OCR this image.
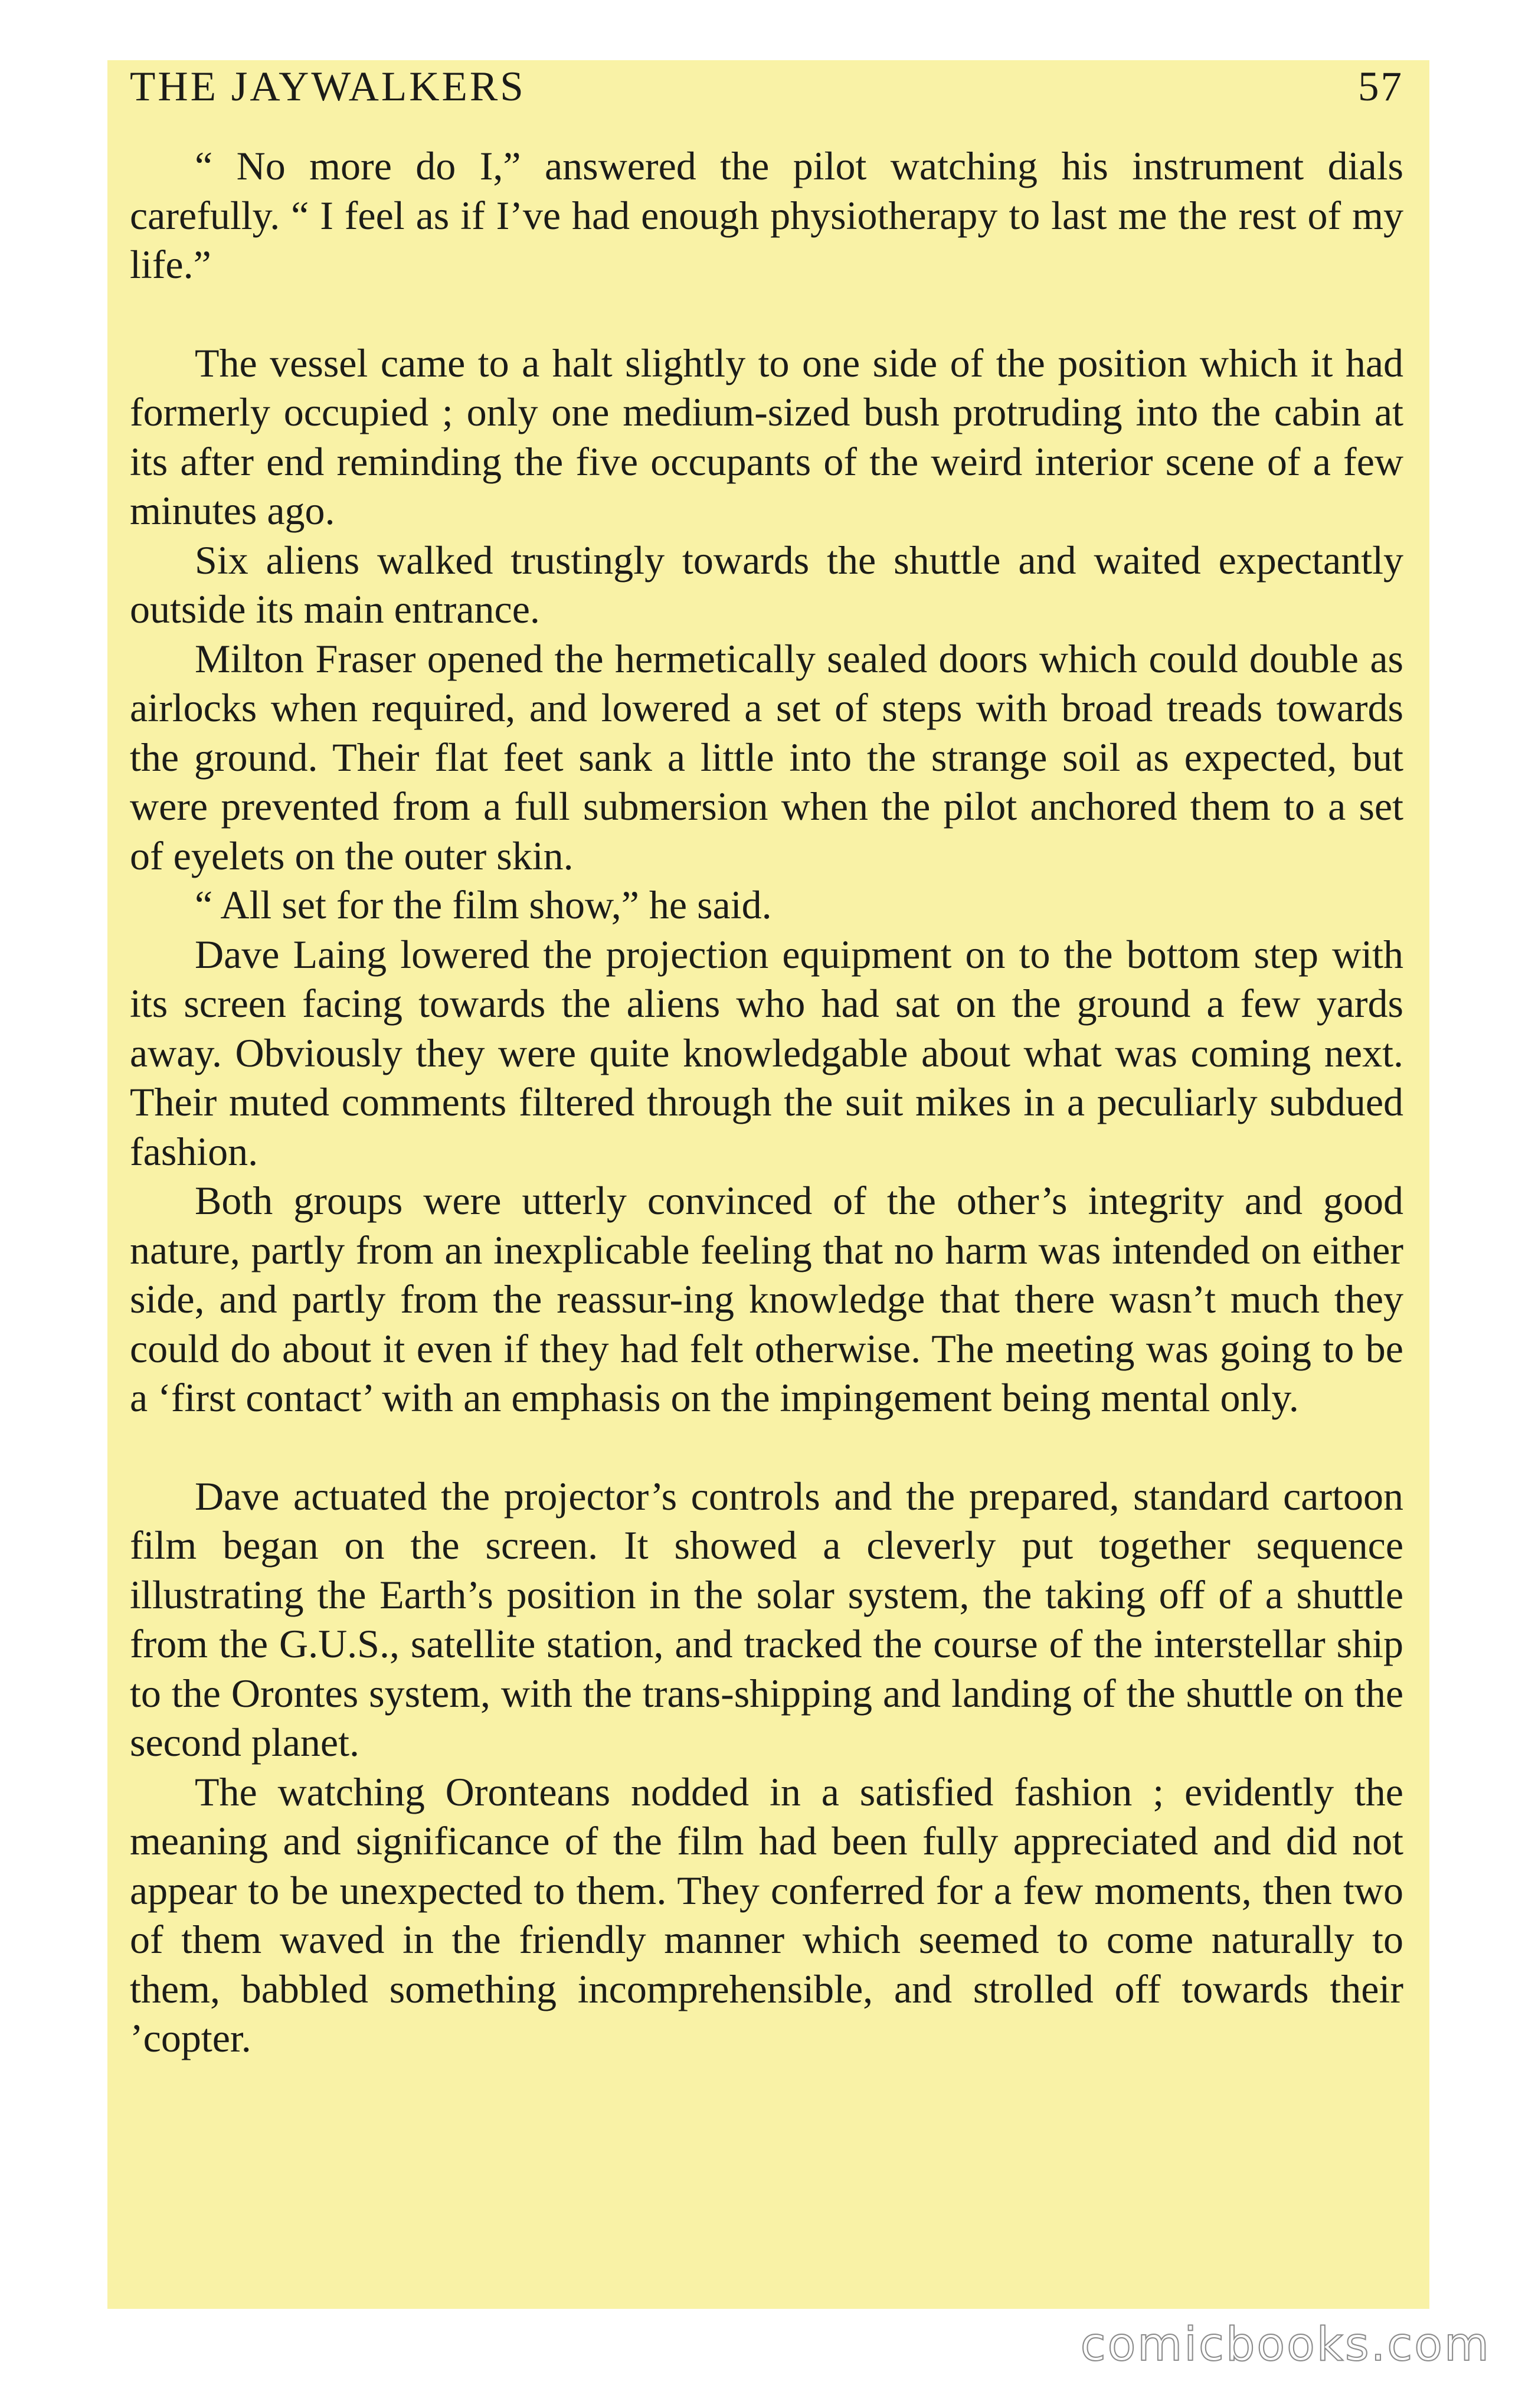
THE JAYWALKERS	57

“ No more do I,” answered the pilot watching his instrument dials carefully. “ I feel as if I’ve had enough physiotherapy to last me the rest of my life.”

The vessel came to a halt slightly to one side of the position which it had formerly occupied ; only one medium-sized bush protruding into the cabin at its after end reminding the five occupants of the weird interior scene of a few minutes ago.

Six aliens walked trustingly towards the shuttle and waited expectantly outside its main entrance.

Milton Fraser opened the hermetically sealed doors which could double as airlocks when required, and lowered a set of steps with broad treads towards the ground. Their flat feet sank a little into the strange soil as expected, but were prevented from a full submersion when the pilot anchored them to a set of eyelets on the outer skin.

“ All set for the film show,” he said.

Dave Laing lowered the projection equipment on to the bottom step with its screen facing towards the aliens who had sat on the ground a few yards away. Obviously they were quite knowledgable about what was coming next. Their muted comments filtered through the suit mikes in a peculiarly subdued fashion.

Both groups were utterly convinced of the other’s integrity and good nature, partly from an inexplicable feeling that no harm was intended on either side, and partly from the reassur-ing knowledge that there wasn’t much they could do about it even if they had felt otherwise. The meeting was going to be a ‘first contact’ with an emphasis on the impingement being mental only.

Dave actuated the projector’s controls and the prepared, standard cartoon film began on the screen. It showed a cleverly put together sequence illustrating the Earth’s position in the solar system, the taking off of a shuttle from the G.U.S., satellite station, and tracked the course of the interstellar ship to the Orontes system, with the trans-shipping and landing of the shuttle on the second planet.

The watching Oronteans nodded in a satisfied fashion ; evidently the meaning and significance of the film had been fully appreciated and did not appear to be unexpected to them. They conferred for a few moments, then two of them waved in the friendly manner which seemed to come naturally to them, babbled something incomprehensible, and strolled off towards their ’copter.

comicbooks.com
